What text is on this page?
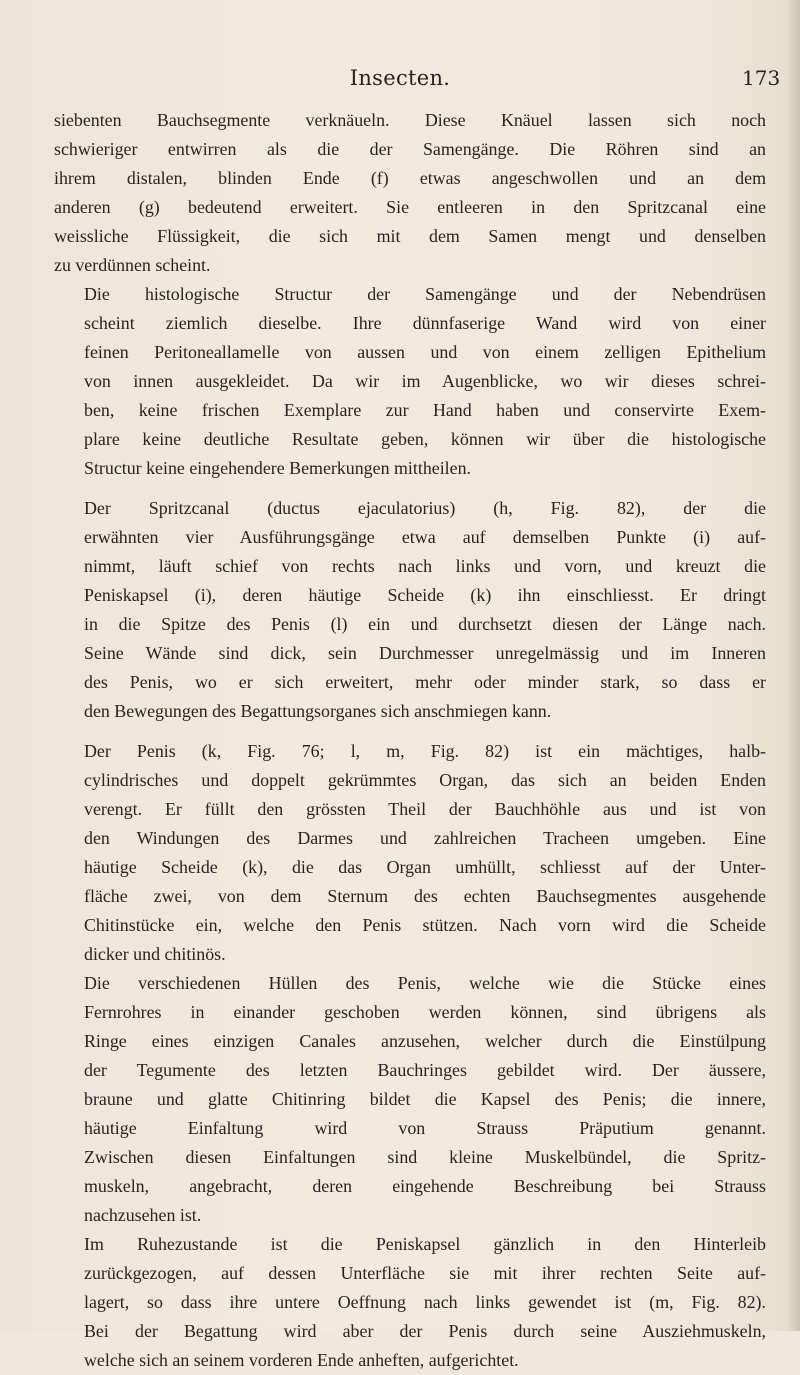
Insecten.	173

siebenten Bauchsegmente verknäueln. Diese Knäuel lassen sich noch
schwieriger entwirren als die der Samengänge. Die Röhren sind an
ihrem distalen, blinden Ende (f) etwas angeschwollen und an dem
anderen (g) bedeutend erweitert. Sie entleeren in den Spritzcanal eine
weissliche Flüssigkeit, die sich mit dem Samen mengt und denselben
zu verdünnen scheint.

Die histologische Structur der Samengänge und der Nebendrüsen
scheint ziemlich dieselbe. Ihre dünnfaserige Wand wird von einer
feinen Peritoneallamelle von aussen und von einem zelligen Epithelium
von innen ausgekleidet. Da wir im Augenblicke, wo wir dieses schrei-
ben, keine frischen Exemplare zur Hand haben und conservirte Exem-
plare keine deutliche Resultate geben, können wir über die histologische
Structur keine eingehendere Bemerkungen mittheilen.

Der Spritzcanal (ductus ejaculatorius) (h, Fig. 82), der die
erwähnten vier Ausführungsgänge etwa auf demselben Punkte (i) auf-
nimmt, läuft schief von rechts nach links und vorn, und kreuzt die
Peniskapsel (i), deren häutige Scheide (k) ihn einschliesst. Er dringt
in die Spitze des Penis (l) ein und durchsetzt diesen der Länge nach.
Seine Wände sind dick, sein Durchmesser unregelmässig und im Inneren
des Penis, wo er sich erweitert, mehr oder minder stark, so dass er
den Bewegungen des Begattungsorganes sich anschmiegen kann.

Der Penis (k, Fig. 76; l, m, Fig. 82) ist ein mächtiges, halb-
cylindrisches und doppelt gekrümmtes Organ, das sich an beiden Enden
verengt. Er füllt den grössten Theil der Bauchhöhle aus und ist von
den Windungen des Darmes und zahlreichen Tracheen umgeben. Eine
häutige Scheide (k), die das Organ umhüllt, schliesst auf der Unter-
fläche zwei, von dem Sternum des echten Bauchsegmentes ausgehende
Chitinstücke ein, welche den Penis stützen. Nach vorn wird die Scheide
dicker und chitinös.

Die verschiedenen Hüllen des Penis, welche wie die Stücke eines
Fernrohres in einander geschoben werden können, sind übrigens als
Ringe eines einzigen Canales anzusehen, welcher durch die Einstülpung
der Tegumente des letzten Bauchringes gebildet wird. Der äussere,
braune und glatte Chitinring bildet die Kapsel des Penis; die innere,
häutige Einfaltung wird von Strauss Präputium genannt.
Zwischen diesen Einfaltungen sind kleine Muskelbündel, die Spritz-
muskeln, angebracht, deren eingehende Beschreibung bei Strauss
nachzusehen ist.

Im Ruhezustande ist die Peniskapsel gänzlich in den Hinterleib
zurückgezogen, auf dessen Unterfläche sie mit ihrer rechten Seite auf-
lagert, so dass ihre untere Oeffnung nach links gewendet ist (m, Fig. 82).
Bei der Begattung wird aber der Penis durch seine Ausziehmuskeln,
welche sich an seinem vorderen Ende anheften, aufgerichtet.
